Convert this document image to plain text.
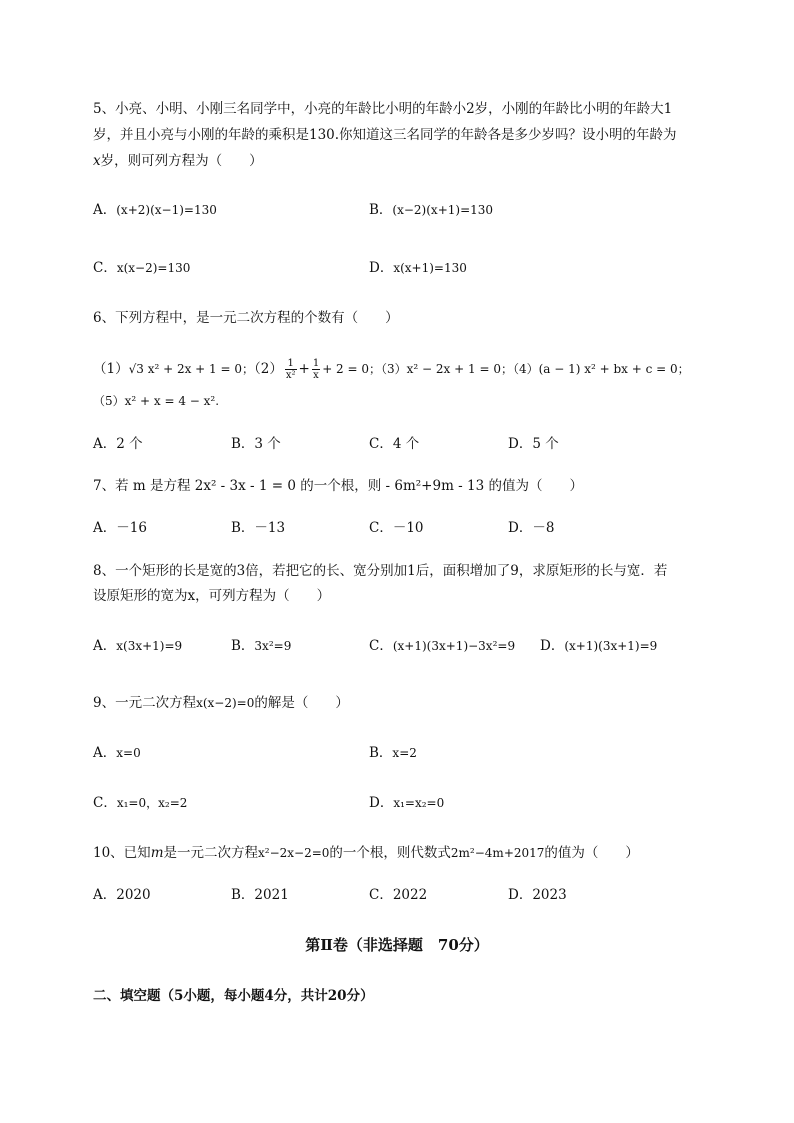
5、小亮、小明、小刚三名同学中，小亮的年龄比小明的年龄小2岁，小刚的年龄比小明的年龄大1
岁，并且小亮与小刚的年龄的乘积是130.你知道这三名同学的年龄各是多少岁吗？设小明的年龄为
x岁，则可列方程为（　　）
A．(x+2)(x−1)=130	B．(x−2)(x+1)=130
C．x(x−2)=130	D．x(x+1)=130
6、下列方程中，是一元二次方程的个数有（　　）
（1）√3 x² + 2x + 1 = 0；$(2) \frac{1}{\text{x²}} + \frac{1}{x} + 2 = 0$；（3）x² − 2x + 1 = 0；（4）(a − 1) x² + bx + c = 0；
（5）x² + x = 4 − x².
A．2 个	B．3 个	C．4 个	D．5 个
7、若 m 是方程 2x² - 3x - 1 = 0 的一个根，则 - 6m²+9m - 13 的值为（　　）
A．－16	B．－13	C．－10	D．－8
8、一个矩形的长是宽的3倍，若把它的长、宽分别加1后，面积增加了9，求原矩形的长与宽．若
设原矩形的宽为x，可列方程为（　　）
A．x(3x+1)=9	B．3x²=9	C．(x+1)(3x+1)−3x²=9 D．(x+1)(3x+1)=9
9、一元二次方程x(x−2)=0的解是（　　）
A．x=0	B．x=2
C．x₁=0，x₂=2	D．x₁=x₂=0
10、已知m是一元二次方程x²−2x−2=0的一个根，则代数式2m²−4m+2017的值为（　　）
A．2020	B．2021	C．2022	D．2023
第Ⅱ卷（非选择题　70分）
二、填空题（5小题，每小题4分，共计20分）
